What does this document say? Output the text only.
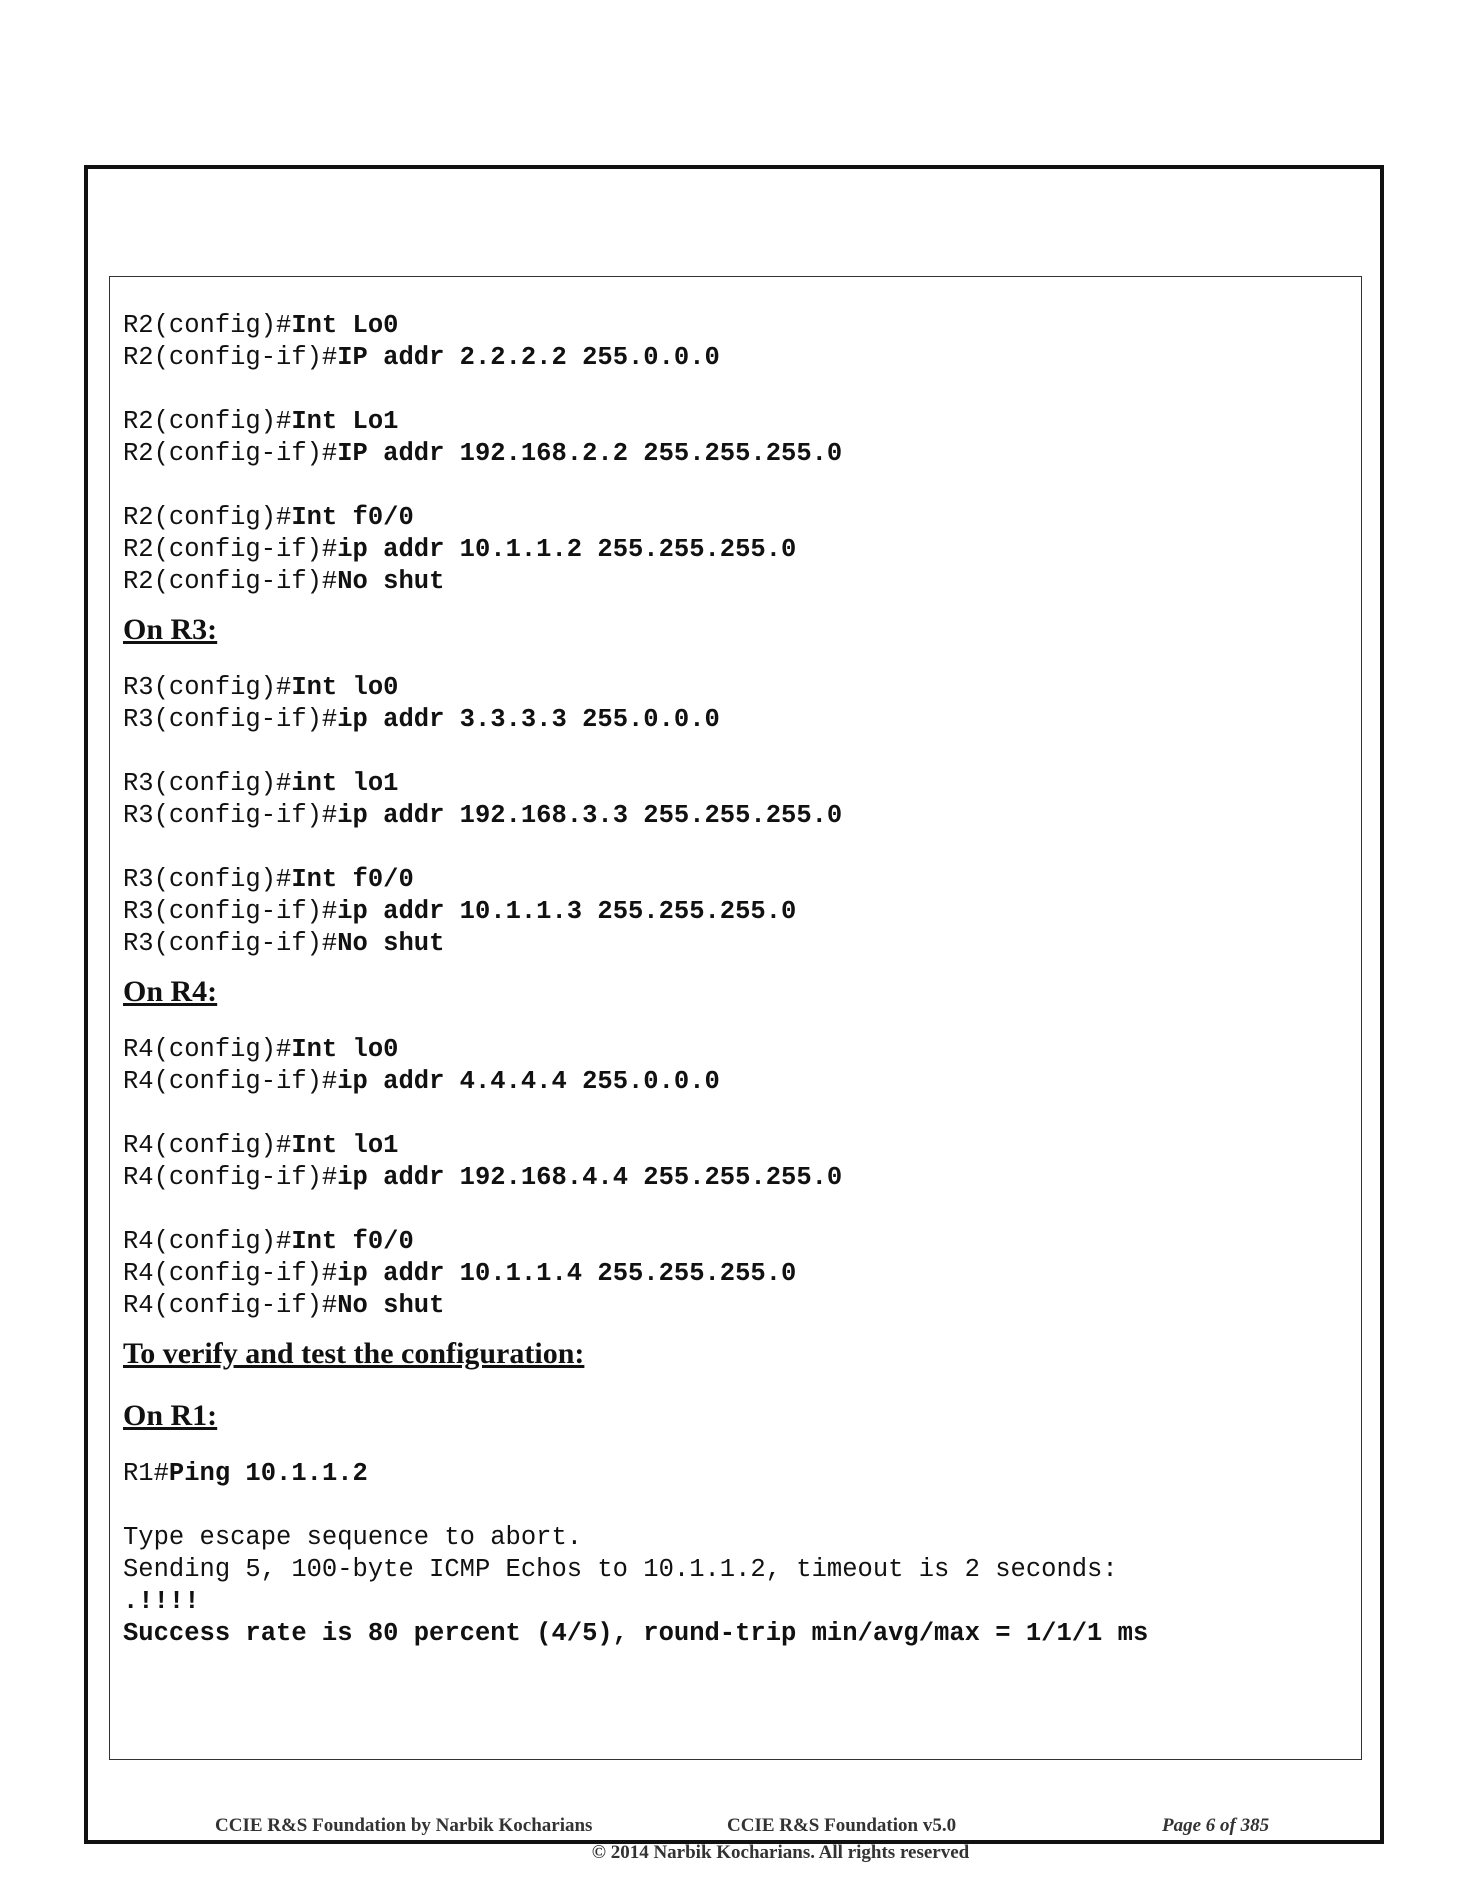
R2(config)#Int Lo0
R2(config-if)#IP addr 2.2.2.2 255.0.0.0
R2(config)#Int Lo1
R2(config-if)#IP addr 192.168.2.2 255.255.255.0
R2(config)#Int f0/0
R2(config-if)#ip addr 10.1.1.2 255.255.255.0
R2(config-if)#No shut
On R3:
R3(config)#Int lo0
R3(config-if)#ip addr 3.3.3.3 255.0.0.0
R3(config)#int lo1
R3(config-if)#ip addr 192.168.3.3 255.255.255.0
R3(config)#Int f0/0
R3(config-if)#ip addr 10.1.1.3 255.255.255.0
R3(config-if)#No shut
On R4:
R4(config)#Int lo0
R4(config-if)#ip addr 4.4.4.4 255.0.0.0
R4(config)#Int lo1
R4(config-if)#ip addr 192.168.4.4 255.255.255.0
R4(config)#Int f0/0
R4(config-if)#ip addr 10.1.1.4 255.255.255.0
R4(config-if)#No shut
To verify and test the configuration:
On R1:
R1#Ping 10.1.1.2
Type escape sequence to abort.
Sending 5, 100-byte ICMP Echos to 10.1.1.2, timeout is 2 seconds:
.!!!!
Success rate is 80 percent (4/5), round-trip min/avg/max = 1/1/1 ms
CCIE R&S Foundation by Narbik Kocharians	CCIE R&S Foundation v5.0	Page 6 of 385
© 2014 Narbik Kocharians. All rights reserved
